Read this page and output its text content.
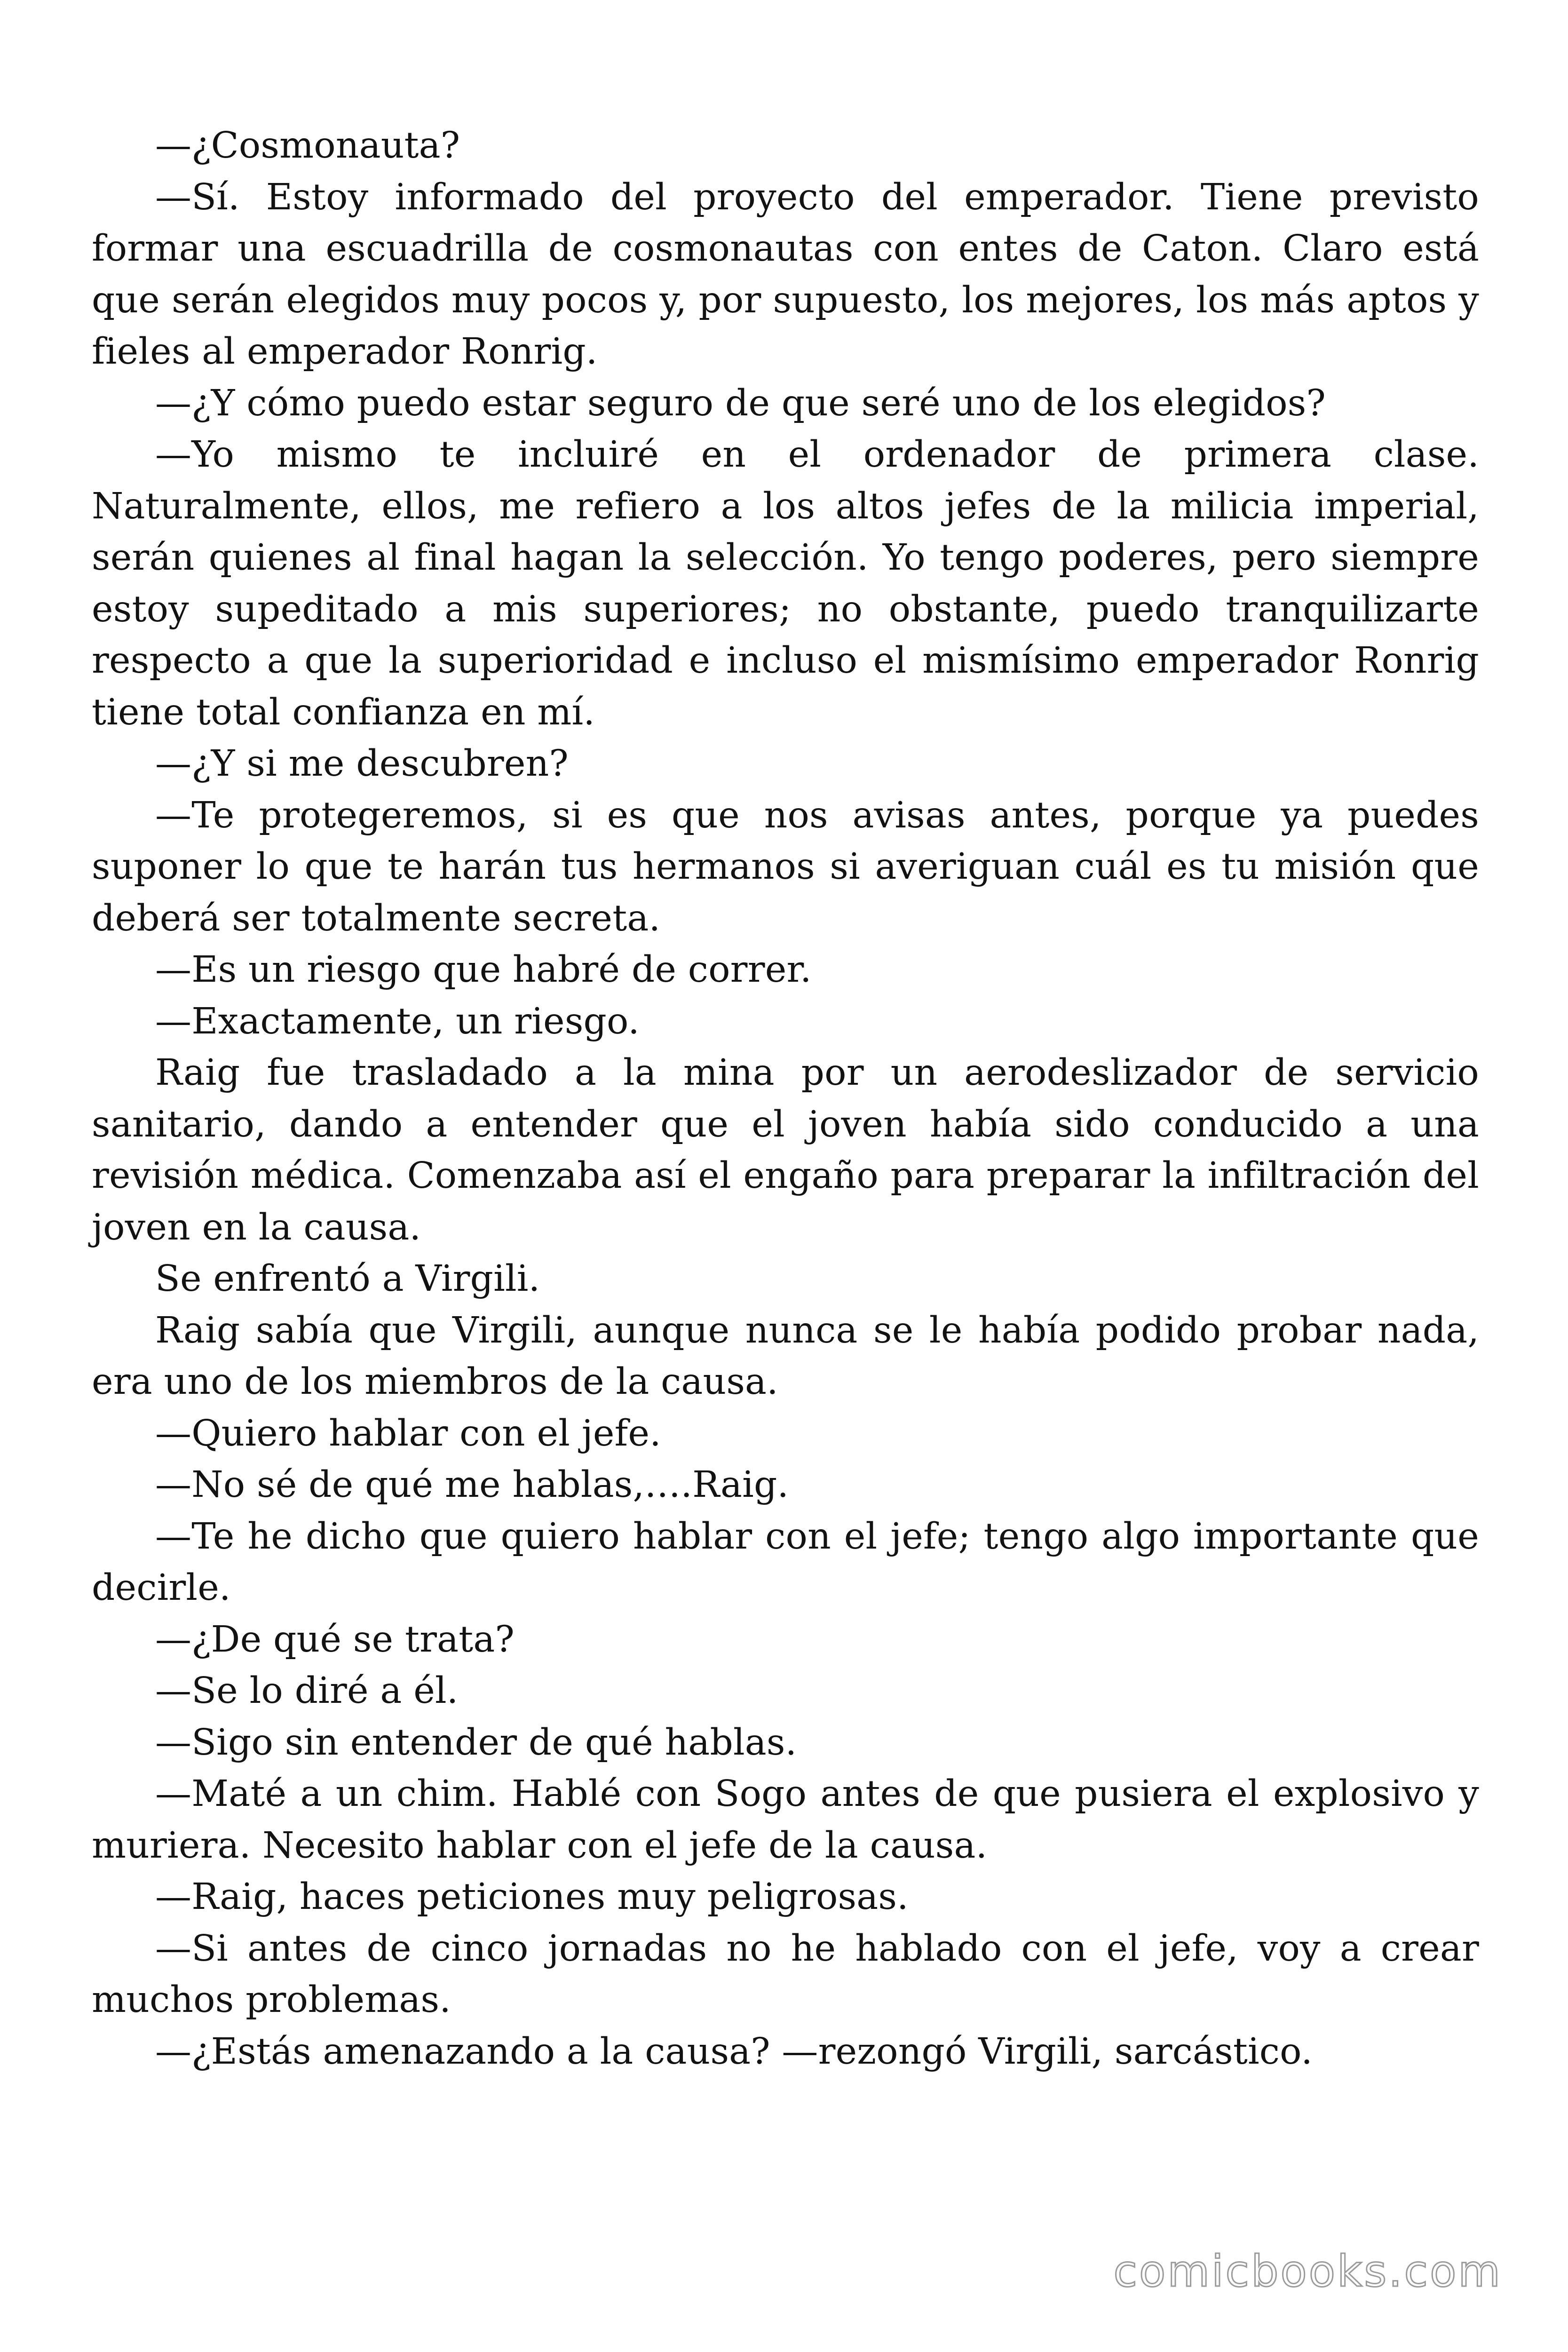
—¿Cosmonauta?

—Sí. Estoy informado del proyecto del emperador. Tiene previsto formar una escuadrilla de cosmonautas con entes de Caton. Claro está que serán elegidos muy pocos y, por supuesto, los mejores, los más aptos y fieles al emperador Ronrig.

—¿Y cómo puedo estar seguro de que seré uno de los elegidos?

—Yo mismo te incluiré en el ordenador de primera clase. Naturalmente, ellos, me refiero a los altos jefes de la milicia imperial, serán quienes al final hagan la selección. Yo tengo poderes, pero siempre estoy supeditado a mis superiores; no obstante, puedo tranquilizarte respecto a que la superioridad e incluso el mismísimo emperador Ronrig tiene total confianza en mí.

—¿Y si me descubren?

—Te protegeremos, si es que nos avisas antes, porque ya puedes suponer lo que te harán tus hermanos si averiguan cuál es tu misión que deberá ser totalmente secreta.

—Es un riesgo que habré de correr.

—Exactamente, un riesgo.

Raig fue trasladado a la mina por un aerodeslizador de servicio sanitario, dando a entender que el joven había sido conducido a una revisión médica. Comenzaba así el engaño para preparar la infiltración del joven en la causa.

Se enfrentó a Virgili.

Raig sabía que Virgili, aunque nunca se le había podido probar nada, era uno de los miembros de la causa.

—Quiero hablar con el jefe.

—No sé de qué me hablas,….Raig.

—Te he dicho que quiero hablar con el jefe; tengo algo importante que decirle.

—¿De qué se trata?

—Se lo diré a él.

—Sigo sin entender de qué hablas.

—Maté a un chim. Hablé con Sogo antes de que pusiera el explosivo y muriera. Necesito hablar con el jefe de la causa.

—Raig, haces peticiones muy peligrosas.

—Si antes de cinco jornadas no he hablado con el jefe, voy a crear muchos problemas.

—¿Estás amenazando a la causa? —rezongó Virgili, sarcástico.

comicbooks.com
